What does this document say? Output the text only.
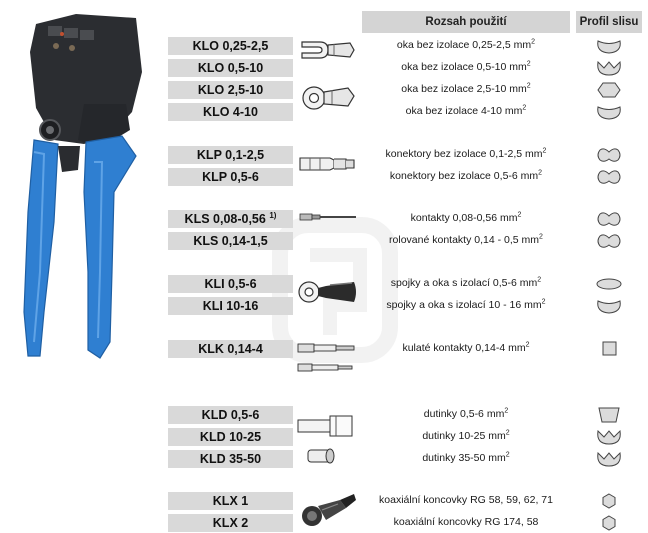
Rozsah použití	Profil slisu
KLO 0,25-2,5
KLO 0,5-10
KLO 2,5-10
KLO 4-10
KLP 0,1-2,5
KLP 0,5-6
KLS 0,08-0,56 $^{1)}$
KLS 0,14-1,5
KLI 0,5-6
KLI 10-16
KLK 0,14-4
KLD 0,5-6
KLD 10-25
KLD 35-50
KLX 1
KLX 2
oka bez izolace 0,25-2,5 $mm^2$
oka bez izolace 0,5-10 $mm^2$
oka bez izolace 2,5-10 $mm^2$
oka bez izolace 4-10 $mm^2$
konektory bez izolace 0,1-2,5 $mm^2$
konektory bez izolace 0,5-6 $mm^2$
kontakty 0,08-0,56 $mm^2$
rolované kontakty 0,14 - 0,5 $mm^2$
spojky a oka s izolací 0,5-6 $mm^2$
spojky a oka s izolací 10 - 16 $mm^2$
kulaté kontakty 0,14-4 $mm^2$
dutinky 0,5-6 $mm^2$
dutinky 10-25 $mm^2$
dutinky 35-50 $mm^2$
koaxiální koncovky RG 58, 59, 62, 71
koaxiální koncovky RG 174, 58
